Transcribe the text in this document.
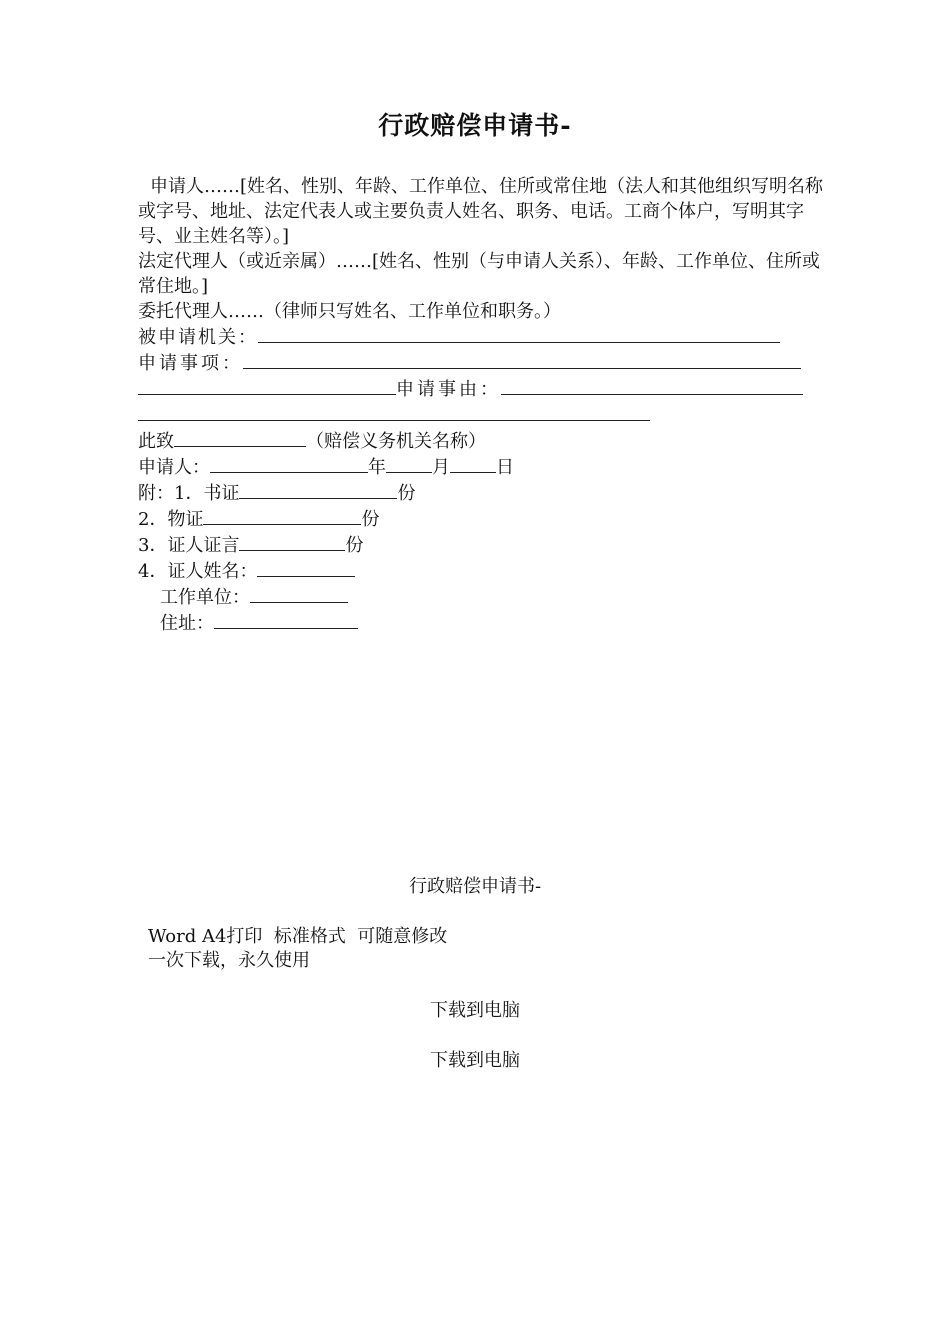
行政赔偿申请书-
申请人……[姓名、性别、年龄、工作单位、住所或常住地（法人和其他组织写明名称或字号、地址、法定代表人或主要负责人姓名、职务、电话。工商个体户，写明其字号、业主姓名等）。]
法定代理人（或近亲属）……[姓名、性别（与申请人关系）、年龄、工作单位、住所或常住地。]
委托代理人……（律师只写姓名、工作单位和职务。）
被申请机关：
申请事项：
申请事由：
此致	（赔偿义务机关名称）
申请人：	年	月	日
附：1．书证	份
2．物证	份
3．证人证言	份
4．证人姓名：
工作单位：
住址：
行政赔偿申请书-
Word A4打印  标准格式  可随意修改
一次下载，永久使用
下载到电脑
下载到电脑
